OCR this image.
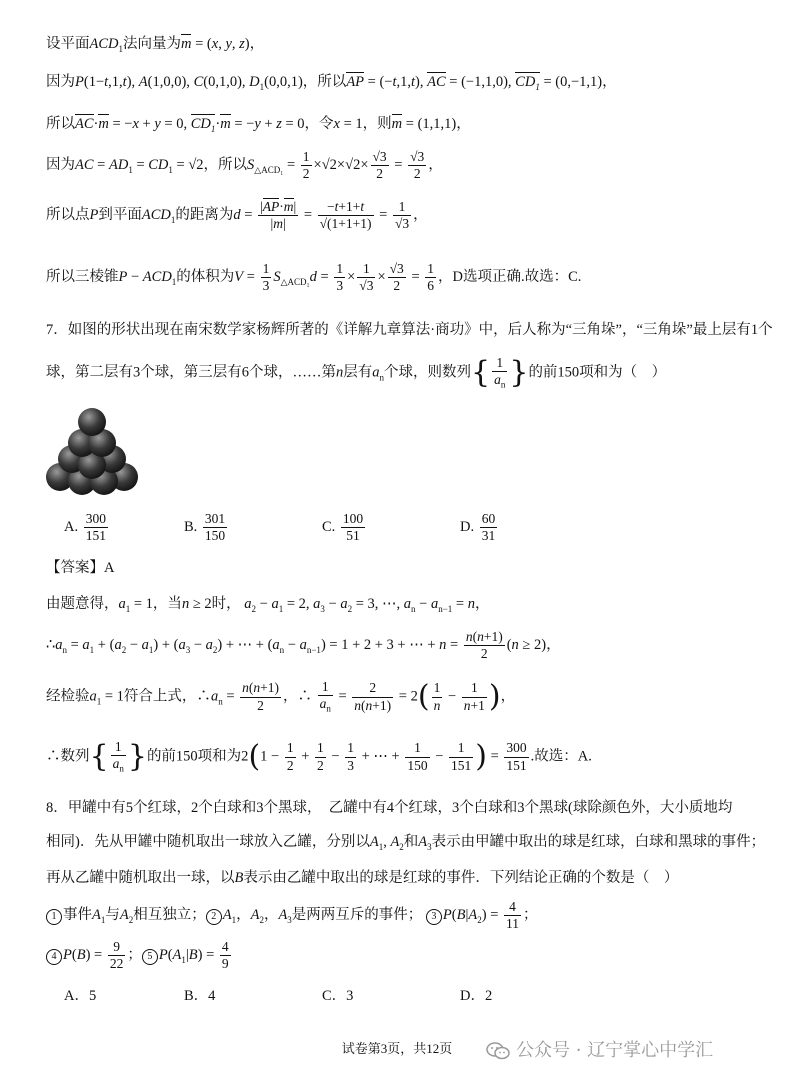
设平面$ACD_1$法向量为m = (x, y, z)，
因为P(1−t,1,t), A(1,0,0), C(0,1,0), $D_1(0,0,1)$，所以AP = (−t,1,t), AC = (−1,1,0), $CD_1 = (0,-1,1)$，
所以AC·m = −x + y = 0, $CD_1\cdot m = -y + z = 0$，令x = 1，则m = (1,1,1)，
因为AC = $AD_1 = CD_1 = √2$，所以$S_{\triangle ACD_1} = \frac{1}{2} \times√2\times√2\times \frac{√3}{2} = \frac{√3}{2}$ ，
所以点P到平面$ACD_1$的距离为$d = \frac{|AP\cdot m|}{|m|} = \frac{-t+1+t}{√(1+1+1)} = \frac{1}{√3}$ ，
所以三棱锥$P - ACD_1$的体积为$V = \frac{1}{3} S_{\triangle ACD_1}d = \frac{1}{3} \times \frac{1}{√3} \times \frac{√3}{2} = \frac{1}{6}$ ，D选项正确.故选：C.
7．如图的形状出现在南宋数学家杨辉所著的《详解九章算法·商功》中，后人称为“三角垛”，“三角垛”最上层有1个
球，第二层有3个球，第三层有6个球，……第n层有$a_n$个球，则数列{ $\frac{1}{a_n}$ }的前150项和为（　）
A. $\frac{300}{151}$	B. $\frac{301}{150}$	C. $\frac{100}{51}$	D. $\frac{60}{31}$
【答案】A
由题意得，$a_1 = 1$，当n ≥ 2时， $a_2 - a_1 = 2$, $a_3 - a_2 = 3$, ⋯, $a_n - a_{n-1} = n$，
$\therefore a_n = a_1 + (a_2 - a_1) + (a_3 - a_2)$ + ⋯ + $(a_n - a_{n-1}) = 1 + 2 + 3$ + ⋯ + $n = \frac{n(n+1)}{2} (n \ge 2)$，
经检验$a_1 = 1$符合上式，$\therefore a_n = \frac{n(n+1)}{2}$ ，∴ $\frac{1}{a_n} = \frac{2}{n(n+1)} = 2( \frac{1}{n} - \frac{1}{n+1}$ )，
∴数列{ $\frac{1}{a_n}$ }的前150项和为$2(1 - \frac{1}{2} + \frac{1}{2} - \frac{1}{3}$ + ⋯ + $\frac{1}{150} - \frac{1}{151}$ ) = $\frac{300}{151}$ .故选：A.
8．甲罐中有5个红球，2个白球和3个黑球，　乙罐中有4个红球，3个白球和3个黑球(球除颜色外，大小质地均
相同)．先从甲罐中随机取出一球放入乙罐，分别以$A_1$, $A_2$和$A_3$表示由甲罐中取出的球是红球，白球和黑球的事件；
再从乙罐中随机取出一球，以B表示由乙罐中取出的球是红球的事件．下列结论正确的个数是（　）
1 事件$A_1$与$A_2$相互独立； 2 $A_1$，$A_2$，$A_3$是两两互斥的事件； 3 $P(B|A_2) = \frac{4}{11}$ ；
4 $P(B) = \frac{9}{22}$ ； 5 $P(A_1|B) = \frac{4}{9}$
A．5	B．4	C．3	D．2
试卷第3页，共12页	公众号 · 辽宁掌心中学汇
